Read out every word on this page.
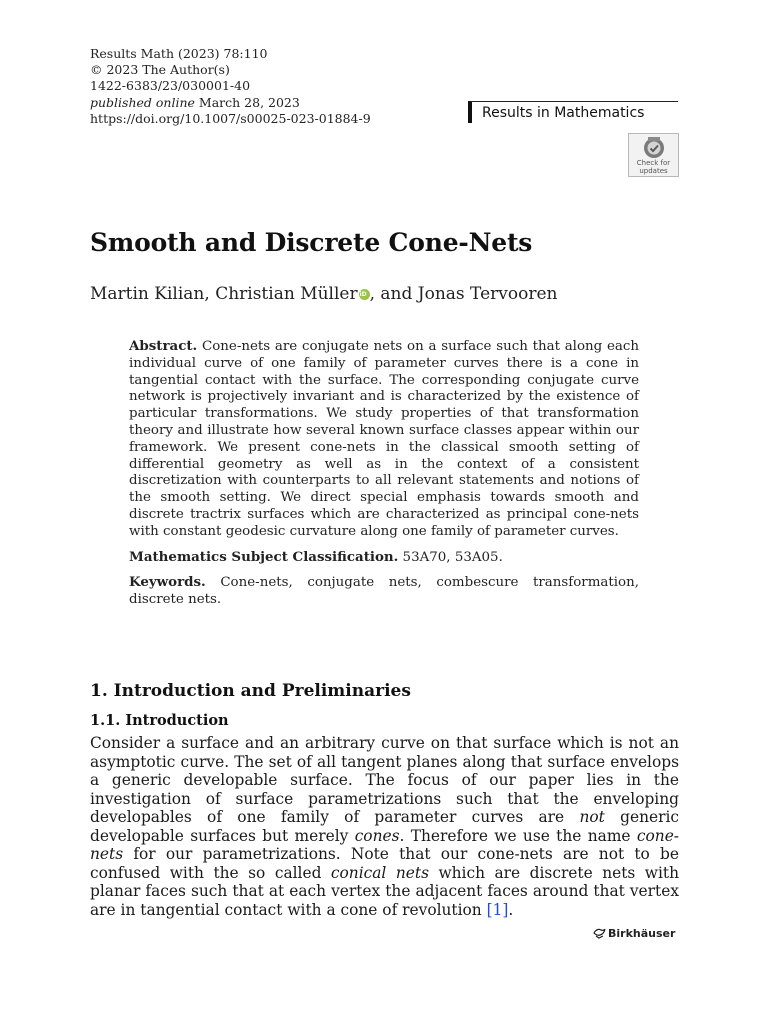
Results Math (2023) 78:110
© 2023 The Author(s)
1422-6383/23/030001-40
published online March 28, 2023
https://doi.org/10.1007/s00025-023-01884-9	Results in Mathematics
Check for
updates
Smooth and Discrete Cone-Nets
Martin Kilian, Christian MülleriD , and Jonas Tervooren

Abstract. Cone-nets are conjugate nets on a surface such that along each individual curve of one family of parameter curves there is a cone in tangential contact with the surface. The corresponding conjugate curve network is projectively invariant and is characterized by the existence of particular transformations. We study properties of that transformation theory and illustrate how several known surface classes appear within our framework. We present cone-nets in the classical smooth setting of differential geometry as well as in the context of a consistent discretization with counterparts to all relevant statements and notions of the smooth setting. We direct special emphasis towards smooth and discrete tractrix surfaces which are characterized as principal cone-nets with constant geodesic curvature along one family of parameter curves.

Mathematics Subject Classification. 53A70, 53A05.

Keywords. Cone-nets, conjugate nets, combescure transformation, discrete nets.

1. Introduction and Preliminaries
1.1. Introduction

Consider a surface and an arbitrary curve on that surface which is not an asymptotic curve. The set of all tangent planes along that surface envelops a generic developable surface. The focus of our paper lies in the investigation of surface parametrizations such that the enveloping developables of one family of parameter curves are not generic developable surfaces but merely cones. Therefore we use the name cone-nets for our parametrizations. Note that our cone-nets are not to be confused with the so called conical nets which are discrete nets with planar faces such that at each vertex the adjacent faces around that vertex are in tangential contact with a cone of revolution [1].

Birkhäuser
